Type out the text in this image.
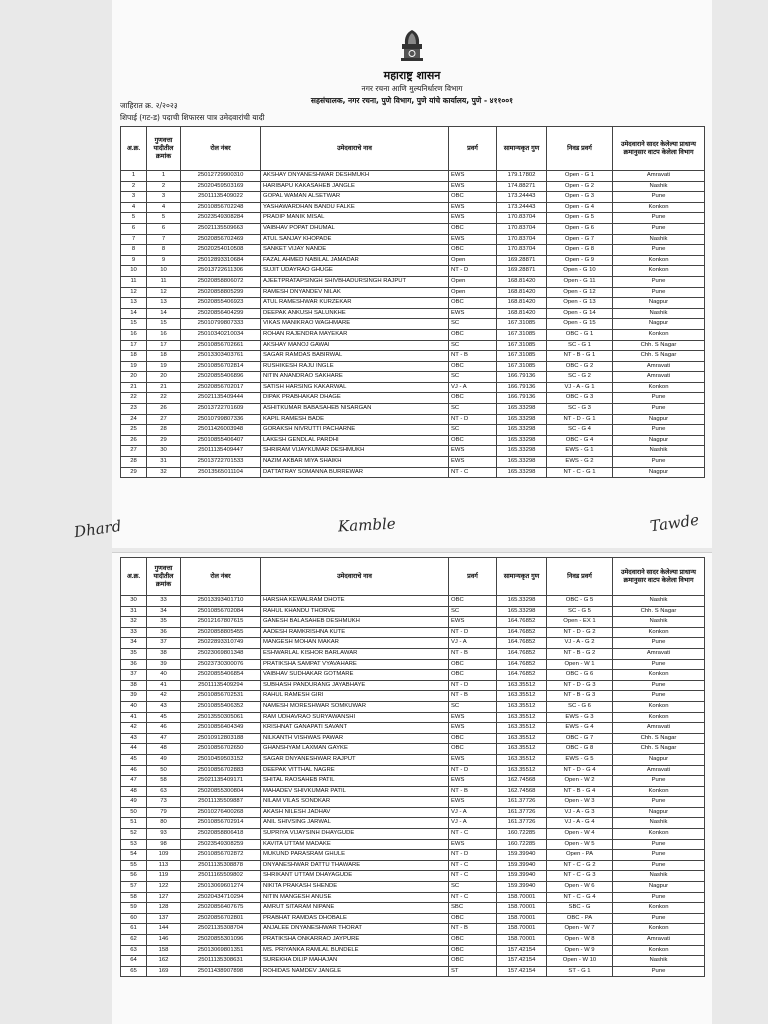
महाराष्ट्र शासन
नगर रचना आणि मुल्यनिर्धारण विभाग
सहसंचालक, नगर रचना, पुणे विभाग, पुणे यांचे कार्यालय, पुणे - ४११००१
जाहिरात क्र. २/२०२३
शिपाई (गट-ड) पदाची शिफारस पात्र उमेदवारांची यादी
अ.क्र.	गुणवत्ता यादीतील क्रमांक	रोल नंबर	उमेदवाराचे नाव	प्रवर्ग	सामान्यकृत गुण	निवड प्रवर्ग	उमेदवाराने सादर केलेल्या प्राधान्य क्रमानुसार वाटप केलेला विभाग
1	1	25012729900310	AKSHAY DNYANESHWAR DESHMUKH	EWS	179.17802	Open - G 1	Amravati
2	2	25020459503169	HARIBAPU KAKASAHEB JANGLE	EWS	174.88271	Open - G 2	Nashik
3	3	25011135409022	GOPAL WAMAN ALSETWAR	OBC	173.24443	Open - G 3	Pune
4	4	25010856702248	YASHAWARDHAN BANDU FALKE	EWS	173.24443	Open - G 4	Konkon
5	5	25023549308284	PRADIP MANIK MISAL	EWS	170.83704	Open - G 5	Pune
6	6	25021135509663	VAIBHAV POPAT DHUMAL	OBC	170.83704	Open - G 6	Pune
7	7	25020856702469	ATUL SANJAY KHOPADE	EWS	170.83704	Open - G 7	Nashik
8	8	25020254010508	SANKET VIJAY NANDE	OBC	170.83704	Open - G 8	Pune
9	9	25012893310684	FAZAL AHMED NABILAL JAMADAR	Open	169.28871	Open - G 9	Konkon
10	10	25013722611306	SUJIT UDAYRAO GHUGE	NT - D	169.28871	Open - G 10	Konkon
11	11	25020858806072	AJEETPRATAPSINGH SHIVBHADURSINGH RAJPUT	Open	168.81420	Open - G 11	Pune
12	12	25020858805299	RAMESH DNYANDEV NILAK	Open	168.81420	Open - G 12	Pune
13	13	25020855406923	ATUL RAMESHWAR KURZEKAR	OBC	168.81420	Open - G 13	Nagpur
14	14	25020856404299	DEEPAK ANKUSH SALUNKHE	EWS	168.81420	Open - G 14	Nashik
15	15	25010799807333	VIKAS MANIKRAO WAGHMARE	SC	167.31085	Open - G 15	Nagpur
16	16	25010340210034	ROHAN RAJENDRA MAYEKAR	OBC	167.31085	OBC - G 1	Konkon
17	17	25010856702661	AKSHAY MANOJ GAWAI	SC	167.31085	SC - G 1	Chh. S Nagar
18	18	25013303403761	SAGAR RAMDAS BABIRWAL	NT - B	167.31085	NT - B - G 1	Chh. S Nagar
19	19	25010856702814	RUSHIKESH RAJU INGLE	OBC	167.31085	OBC - G 2	Amravati
20	20	25020855406896	NITIN ANANDRAO SAKHARE	SC	166.79136	SC - G 2	Amravati
21	21	25020856702017	SATISH HARSING KAKARWAL	VJ - A	166.79136	VJ - A - G 1	Konkon
22	22	25021135409444	DIPAK PRABHAKAR DHAGE	OBC	166.79136	OBC - G 3	Pune
23	26	25013722701609	ASHITKUMAR BABASAHEB NISARGAN	SC	165.33298	SC - G 3	Pune
24	27	25010799807336	KAPIL RAMESH BADE	NT - D	165.33298	NT - D - G 1	Nagpur
25	28	25011426003948	GORAKSH NIVRUTTI PACHARNE	SC	165.33298	SC - G 4	Pune
26	29	25010855406407	LAKESH GENDLAL PARDHI	OBC	165.33298	OBC - G 4	Nagpur
27	30	25011135409447	SHRIRAM VIJAYKUMAR DESHMUKH	EWS	165.33298	EWS - G 1	Nashik
28	31	25013722701533	NAZIM AKBAR MIYA SHAIKH	EWS	165.33298	EWS - G 2	Pune
29	32	25013565011104	DATTATRAY SOMANNA BURREWAR	NT - C	165.33298	NT - C - G 1	Nagpur
अ.क्र.	गुणवत्ता यादीतील क्रमांक	रोल नंबर	उमेदवाराचे नाव	प्रवर्ग	सामान्यकृत गुण	निवड प्रवर्ग	उमेदवाराने सादर केलेल्या प्राधान्य क्रमानुसार वाटप केलेला विभाग
30	33	25013393401710	HARSHA KEWALRAM DHOTE	OBC	165.33298	OBC - G 5	Nashik
31	34	25010856702084	RAHUL KHANDU THORVE	SC	165.33298	SC - G 5	Chh. S Nagar
32	35	25012167807615	GANESH BALASAHEB DESHMUKH	EWS	164.76852	Open - EX 1	Nashik
33	36	25020858805455	AADESH RAMKRISHNA KUTE	NT - D	164.76852	NT - D - G 2	Konkon
34	37	25022893310749	MANGESH MOHAN MAKAR	VJ - A	164.76852	VJ - A - G 2	Pune
35	38	25023069801348	ESHWARLAL KISHOR BARLAWAR	NT - B	164.76852	NT - B - G 2	Amravati
36	39	25023730300076	PRATIKSHA SAMPAT VYAVAHARE	OBC	164.76852	Open - W 1	Pune
37	40	25020855406854	VAIBHAV SUDHAKAR GOTMARE	OBC	164.76852	OBC - G 6	Konkon
38	41	25011135409294	SUBHASH PANDURANG JAYABHAYE	NT - D	163.35512	NT - D - G 3	Pune
39	42	25010856702531	RAHUL RAMESH GIRI	NT - B	163.35512	NT - B - G 3	Pune
40	43	25010855406352	NAMESH MORESHWAR SOMKUWAR	SC	163.35512	SC - G 6	Konkon
41	45	25013550305061	RAM UDHAVRAO SURYAWANSHI	EWS	163.35512	EWS - G 3	Konkon
42	46	25010856404349	KRISHNAT GANAPATI SAVANT	EWS	163.35512	EWS - G 4	Amravati
43	47	25010912803188	NILKANTH VISHWAS PAWAR	OBC	163.35512	OBC - G 7	Chh. S Nagar
44	48	25010856702650	GHANSHYAM LAXMAN GAYKE	OBC	163.35512	OBC - G 8	Chh. S Nagar
45	49	25010459503152	SAGAR DNYANESHWAR RAJPUT	EWS	163.35512	EWS - G 5	Nagpur
46	50	25010856702883	DEEPAK VITTHAL NAGRE	NT - D	163.35512	NT - D - G 4	Amravati
47	58	25021135409171	SHITAL RAOSAHEB PATIL	EWS	162.74568	Open - W 2	Pune
48	63	25020855300804	MAHADEV SHIVKUMAR PATIL	NT - B	162.74568	NT - B - G 4	Konkon
49	73	25011135509887	NILAM VILAS SONDKAR	EWS	161.37726	Open - W 3	Pune
50	79	25010276400268	AKASH NILESH JADHAV	VJ - A	161.37726	VJ - A - G 3	Nagpur
51	80	25010856702914	ANIL SHIVSING JARWAL	VJ - A	161.37726	VJ - A - G 4	Nashik
52	93	25020858806418	SUPRIYA VIJAYSINH DHAYGUDE	NT - C	160.72285	Open - W 4	Konkon
53	98	25023549308259	KAVITA UTTAM MADAKE	EWS	160.72285	Open - W 5	Pune
54	109	25010856702872	MUKUND PARASRAM GHULE	NT - D	159.39940	Open - PA	Pune
55	113	25011135308878	DNYANESHWAR DATTU THAWARE	NT - C	159.39940	NT - C - G 2	Pune
56	119	25011165509802	SHRIKANT UTTAM DHAYAGUDE	NT - C	159.39940	NT - C - G 3	Nashik
57	122	25013069601274	NIKITA PRAKASH SHENDE	SC	159.39940	Open - W 6	Nagpur
58	127	25020434710294	NITIN MANGESH ANUSE	NT - C	158.70001	NT - C - G 4	Pune
59	128	25020856407675	AMRUT SITARAM NIPANE	SBC	158.70001	SBC - G	Konkon
60	137	25020856702801	PRABHAT RAMDAS DHOBALE	OBC	158.70001	OBC - PA	Pune
61	144	25021135308704	ANJALEE DNYANESHWAR THORAT	NT - B	158.70001	Open - W 7	Konkon
62	146	25020855301096	PRATIKSHA ONKARRAO JAYPURE	OBC	158.70001	Open - W 8	Amravati
63	158	25013069801351	MS. PRIYANKA RAMLAL BUNDELE	OBC	157.42154	Open - W 9	Konkon
64	162	25011135308631	SUREKHA DILIP MAHAJAN	OBC	157.42154	Open - W 10	Nashik
65	169	25011438907898	ROHIDAS NAMDEV JANGLE	ST	157.42154	ST - G 1	Pune
Dhard	Kamble	Tawde
